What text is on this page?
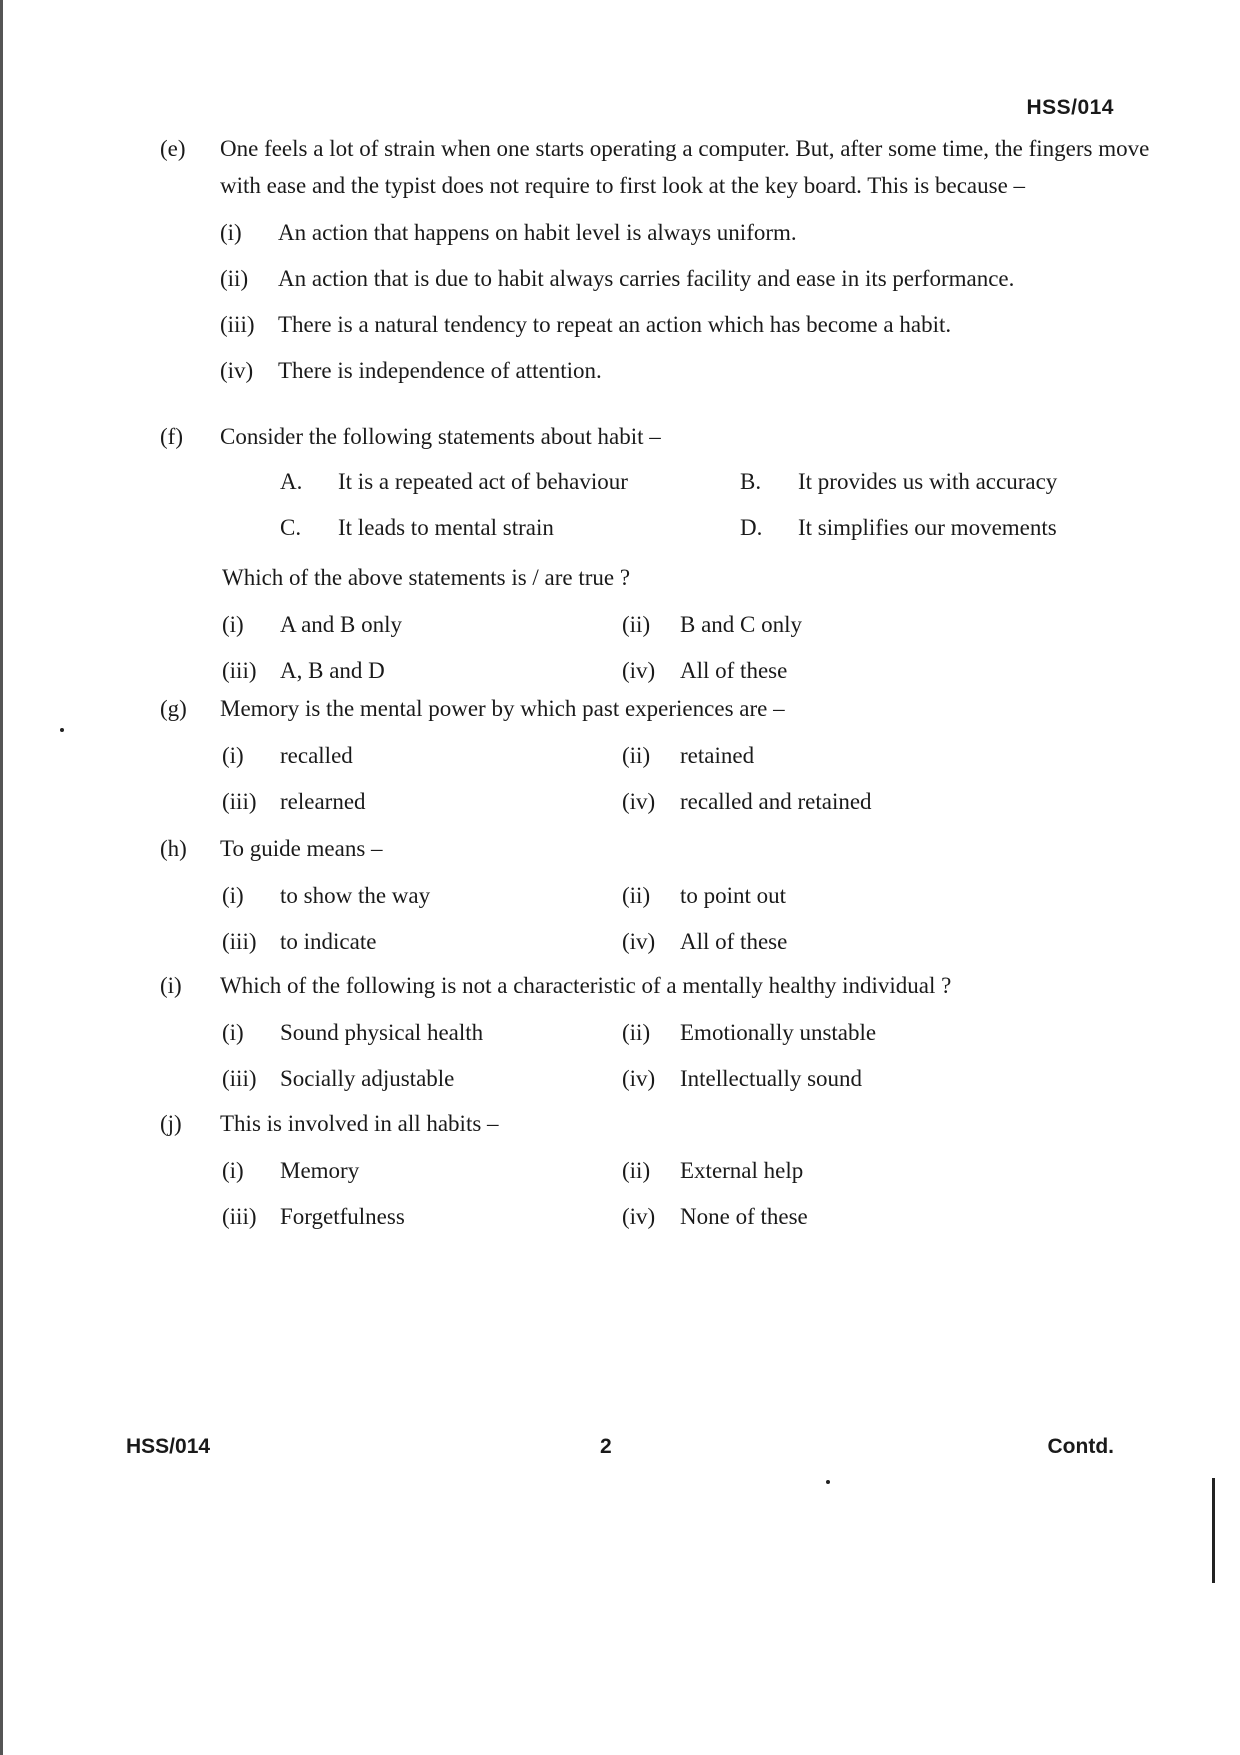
HSS/014
(e) One feels a lot of strain when one starts operating a computer. But, after some time, the fingers move with ease and the typist does not require to first look at the key board. This is because –
(i) An action that happens on habit level is always uniform.
(ii) An action that is due to habit always carries facility and ease in its performance.
(iii) There is a natural tendency to repeat an action which has become a habit.
(iv) There is independence of attention.
(f) Consider the following statements about habit –
A. It is a repeated act of behaviour	B. It provides us with accuracy
C. It leads to mental strain	D. It simplifies our movements
Which of the above statements is / are true ?
(i) A and B only	(ii) B and C only
(iii) A, B and D	(iv) All of these
(g) Memory is the mental power by which past experiences are –
(i) recalled	(ii) retained
(iii) relearned	(iv) recalled and retained
(h) To guide means –
(i) to show the way	(ii) to point out
(iii) to indicate	(iv) All of these
(i) Which of the following is not a characteristic of a mentally healthy individual ?
(i) Sound physical health	(ii) Emotionally unstable
(iii) Socially adjustable	(iv) Intellectually sound
(j) This is involved in all habits –
(i) Memory	(ii) External help
(iii) Forgetfulness	(iv) None of these
HSS/014	2	Contd.
